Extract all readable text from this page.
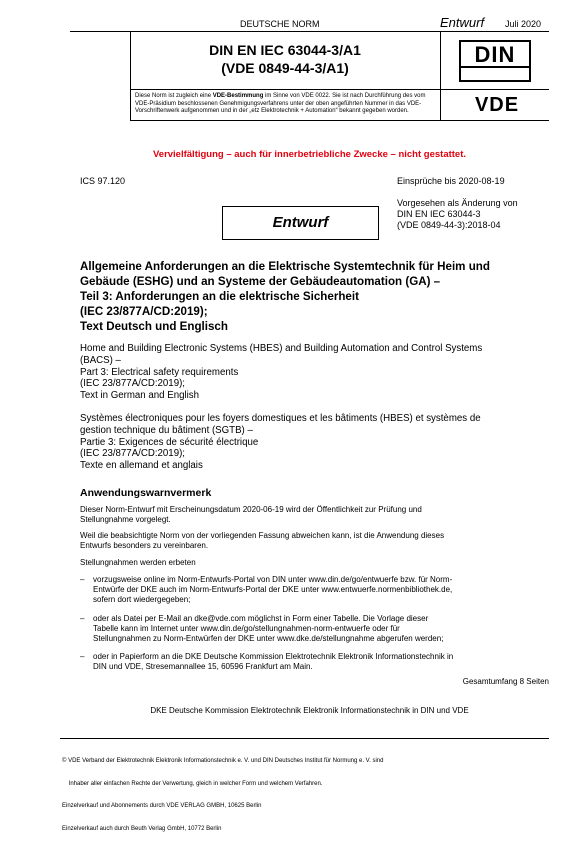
DEUTSCHE NORM	Entwurf Juli 2020
DIN EN IEC 63044-3/A1
(VDE 0849-44-3/A1)
DIN
Diese Norm ist zugleich eine VDE-Bestimmung im Sinne von VDE 0022. Sie ist nach Durchführung des vom VDE-Präsidium beschlossenen Genehmigungsverfahrens unter der oben angeführten Nummer in das VDE-Vorschriftenwerk aufgenommen und in der „etz Elektrotechnik + Automation“ bekannt gegeben worden.	VDE
Vervielfältigung – auch für innerbetriebliche Zwecke – nicht gestattet.
ICS 97.120	Einsprüche bis 2020-08-19
Vorgesehen als Änderung von
DIN EN IEC 63044-3
(VDE 0849-44-3):2018-04
Entwurf
Allgemeine Anforderungen an die Elektrische Systemtechnik für Heim und
Gebäude (ESHG) und an Systeme der Gebäudeautomation (GA) –
Teil 3: Anforderungen an die elektrische Sicherheit
(IEC 23/877A/CD:2019);
Text Deutsch und Englisch
Home and Building Electronic Systems (HBES) and Building Automation and Control Systems
(BACS) –
Part 3: Electrical safety requirements
(IEC 23/877A/CD:2019);
Text in German and English
Systèmes électroniques pour les foyers domestiques et les bâtiments (HBES) et systèmes de
gestion technique du bâtiment (SGTB) –
Partie 3: Exigences de sécurité électrique
(IEC 23/877A/CD:2019);
Texte en allemand et anglais
Anwendungswarnvermerk
Dieser Norm-Entwurf mit Erscheinungsdatum 2020-06-19 wird der Öffentlichkeit zur Prüfung und
Stellungnahme vorgelegt.
Weil die beabsichtigte Norm von der vorliegenden Fassung abweichen kann, ist die Anwendung dieses
Entwurfs besonders zu vereinbaren.
Stellungnahmen werden erbeten
– vorzugsweise online im Norm-Entwurfs-Portal von DIN unter www.din.de/go/entwuerfe bzw. für Norm-
Entwürfe der DKE auch im Norm-Entwurfs-Portal der DKE unter www.entwuerfe.normenbibliothek.de,
sofern dort wiedergegeben;
– oder als Datei per E-Mail an dke@vde.com möglichst in Form einer Tabelle. Die Vorlage dieser
Tabelle kann im Internet unter www.din.de/go/stellungnahmen-norm-entwuerfe oder für
Stellungnahmen zu Norm-Entwürfen der DKE unter www.dke.de/stellungnahme abgerufen werden;
– oder in Papierform an die DKE Deutsche Kommission Elektrotechnik Elektronik Informationstechnik in
DIN und VDE, Stresemannallee 15, 60596 Frankfurt am Main.
Gesamtumfang 8 Seiten
DKE Deutsche Kommission Elektrotechnik Elektronik Informationstechnik in DIN und VDE

© VDE Verband der Elektrotechnik Elektronik Informationstechnik e. V. und DIN Deutsches Institut für Normung e. V. sind

Inhaber aller einfachen Rechte der Verwertung, gleich in welcher Form und welchem Verfahren.

Einzelverkauf und Abonnements durch VDE VERLAG GMBH, 10625 Berlin

Einzelverkauf auch durch Beuth Verlag GmbH, 10772 Berlin
